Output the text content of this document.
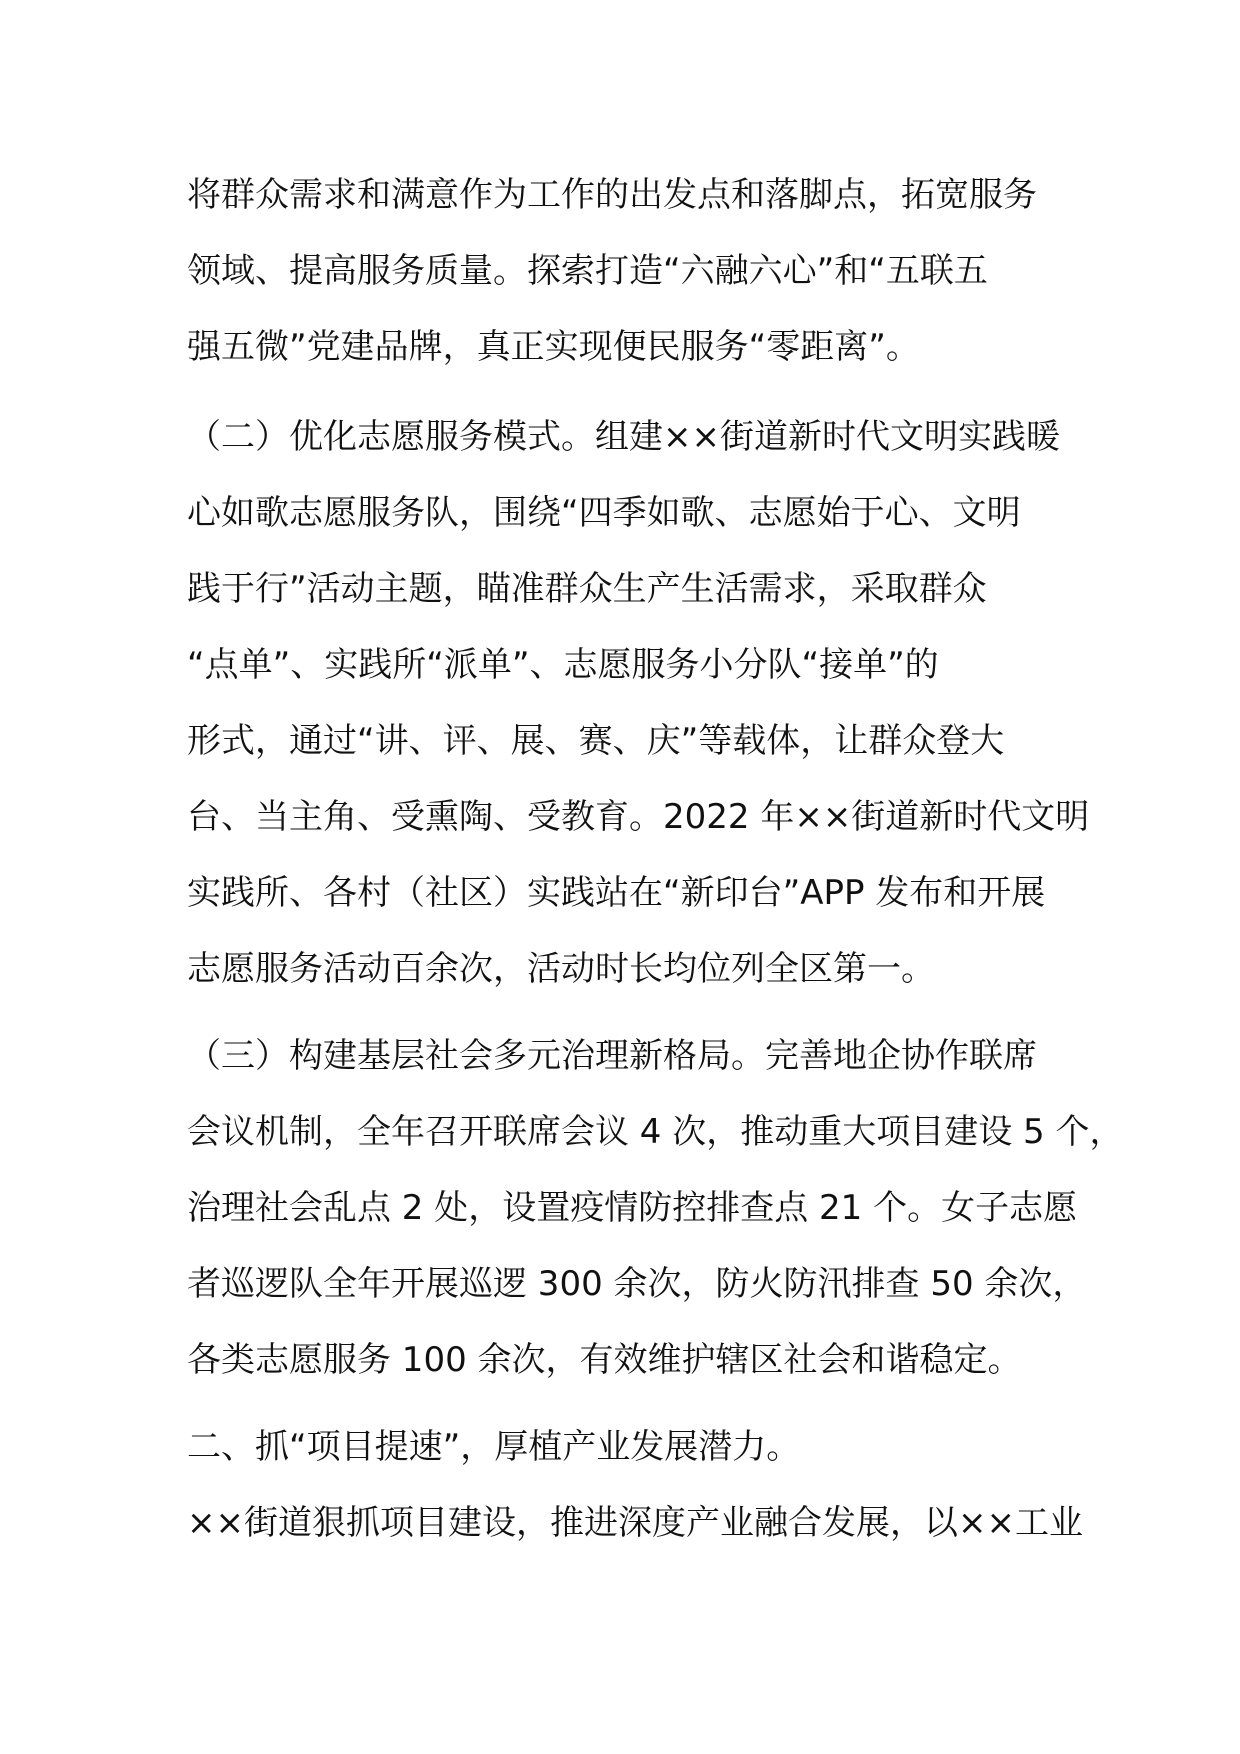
将群众需求和满意作为工作的出发点和落脚点，拓宽服务
领域、提高服务质量。探索打造“六融六心”和“五联五
强五微”党建品牌，真正实现便民服务“零距离”。

（二）优化志愿服务模式。组建××街道新时代文明实践暖
心如歌志愿服务队，围绕“四季如歌、志愿始于心、文明
践于行”活动主题，瞄准群众生产生活需求，采取群众
“点单”、实践所“派单”、志愿服务小分队“接单”的
形式，通过“讲、评、展、赛、庆”等载体，让群众登大
台、当主角、受熏陶、受教育。2022 年××街道新时代文明
实践所、各村（社区）实践站在“新印台”APP 发布和开展
志愿服务活动百余次，活动时长均位列全区第一。

（三）构建基层社会多元治理新格局。完善地企协作联席
会议机制，全年召开联席会议 4 次，推动重大项目建设 5 个，
治理社会乱点 2 处，设置疫情防控排查点 21 个。女子志愿
者巡逻队全年开展巡逻 300 余次，防火防汛排查 50 余次，
各类志愿服务 100 余次，有效维护辖区社会和谐稳定。

二、抓“项目提速”，厚植产业发展潜力。

××街道狠抓项目建设，推进深度产业融合发展，以××工业
